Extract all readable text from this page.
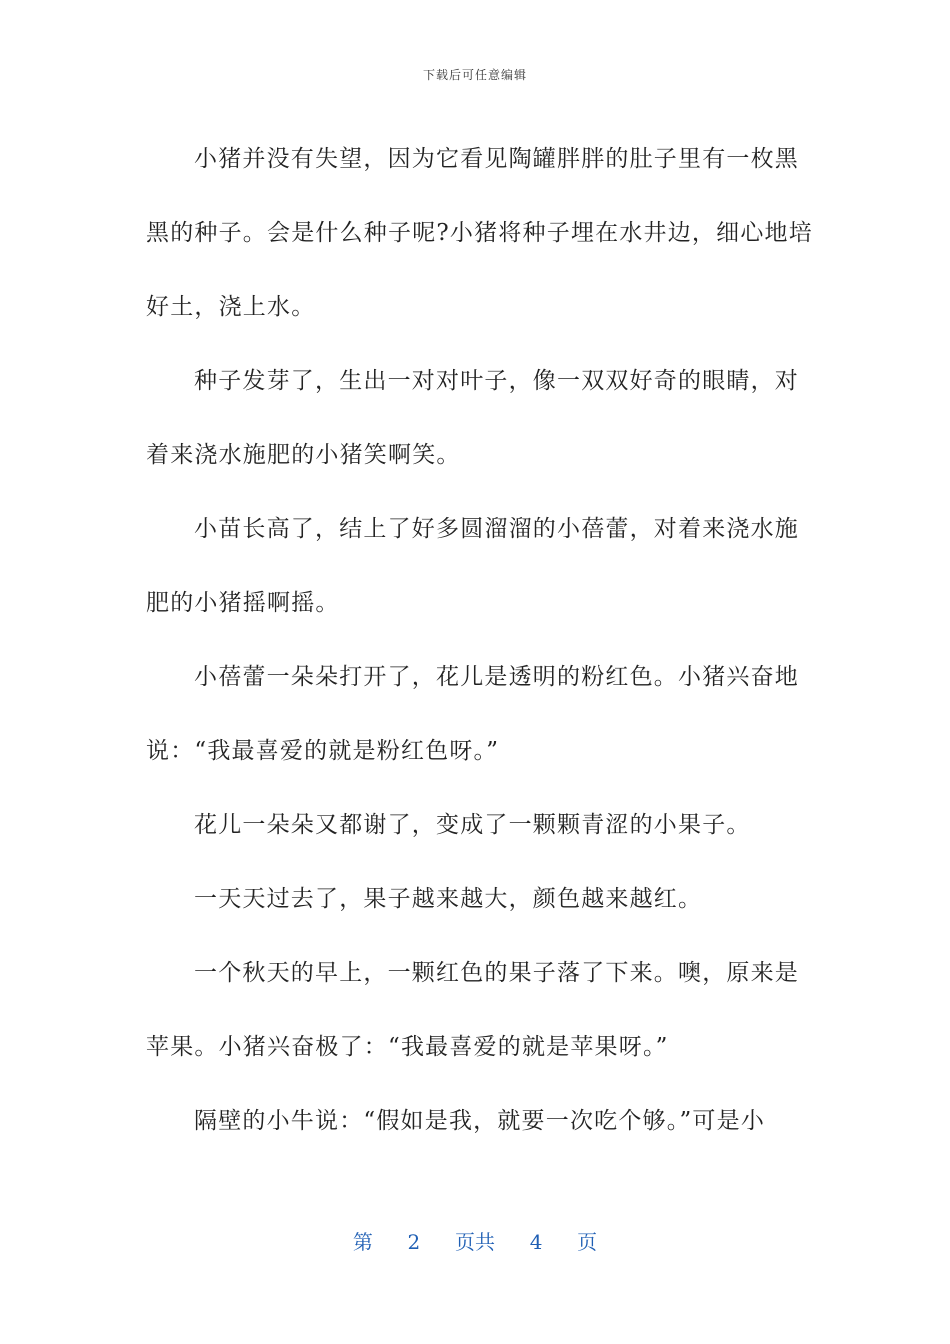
下载后可任意编辑

小猪并没有失望，因为它看见陶罐胖胖的肚子里有一枚黑
黑的种子。会是什么种子呢?小猪将种子埋在水井边，细心地培
好土，浇上水。

种子发芽了，生出一对对叶子，像一双双好奇的眼睛，对
着来浇水施肥的小猪笑啊笑。

小苗长高了，结上了好多圆溜溜的小蓓蕾，对着来浇水施
肥的小猪摇啊摇。

小蓓蕾一朵朵打开了，花儿是透明的粉红色。小猪兴奋地
说：“我最喜爱的就是粉红色呀。”

花儿一朵朵又都谢了，变成了一颗颗青涩的小果子。

一天天过去了，果子越来越大，颜色越来越红。

一个秋天的早上，一颗红色的果子落了下来。噢，原来是
苹果。小猪兴奋极了：“我最喜爱的就是苹果呀。”

隔壁的小牛说：“假如是我，就要一次吃个够。”可是小

第 2 页共 4 页
